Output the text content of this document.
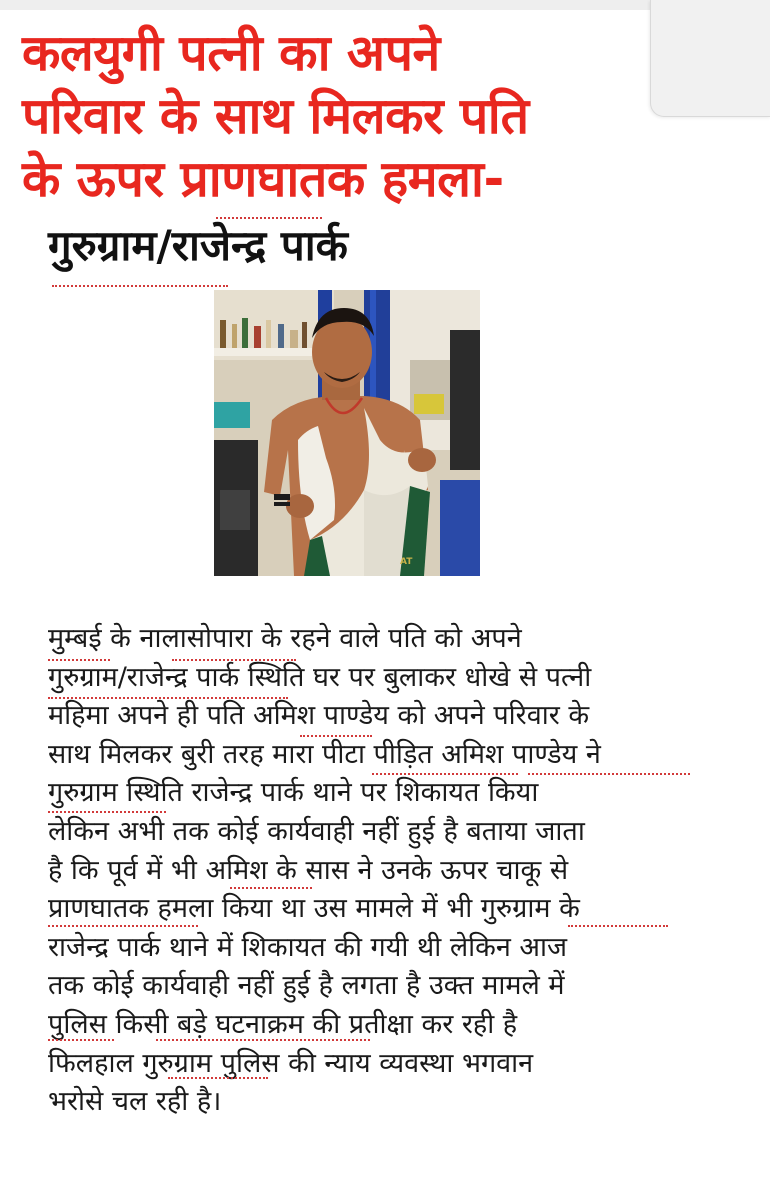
कलयुगी पत्नी का अपने
परिवार के साथ मिलकर पति
के ऊपर प्राणघातक हमला-
गुरुग्राम/राजेन्द्र पार्क
AT

मुम्बई के नालासोपारा के रहने वाले पति को अपने
गुरुग्राम/राजेन्द्र पार्क स्थिति घर पर बुलाकर धोखे से पत्नी
महिमा अपने ही पति अमिश पाण्डेय को अपने परिवार के
साथ मिलकर बुरी तरह मारा पीटा पीड़ित अमिश पाण्डेय ने
गुरुग्राम स्थिति राजेन्द्र पार्क थाने पर शिकायत किया
लेकिन अभी तक कोई कार्यवाही नहीं हुई है बताया जाता
है कि पूर्व में भी अमिश के सास ने उनके ऊपर चाकू से
प्राणघातक हमला किया था उस मामले में भी गुरुग्राम के
राजेन्द्र पार्क थाने में शिकायत की गयी थी लेकिन आज
तक कोई कार्यवाही नहीं हुई है लगता है उक्त मामले में
पुलिस किसी बड़े घटनाक्रम की प्रतीक्षा कर रही है
फिलहाल गुरुग्राम पुलिस की न्याय व्यवस्था भगवान
भरोसे चल रही है।
